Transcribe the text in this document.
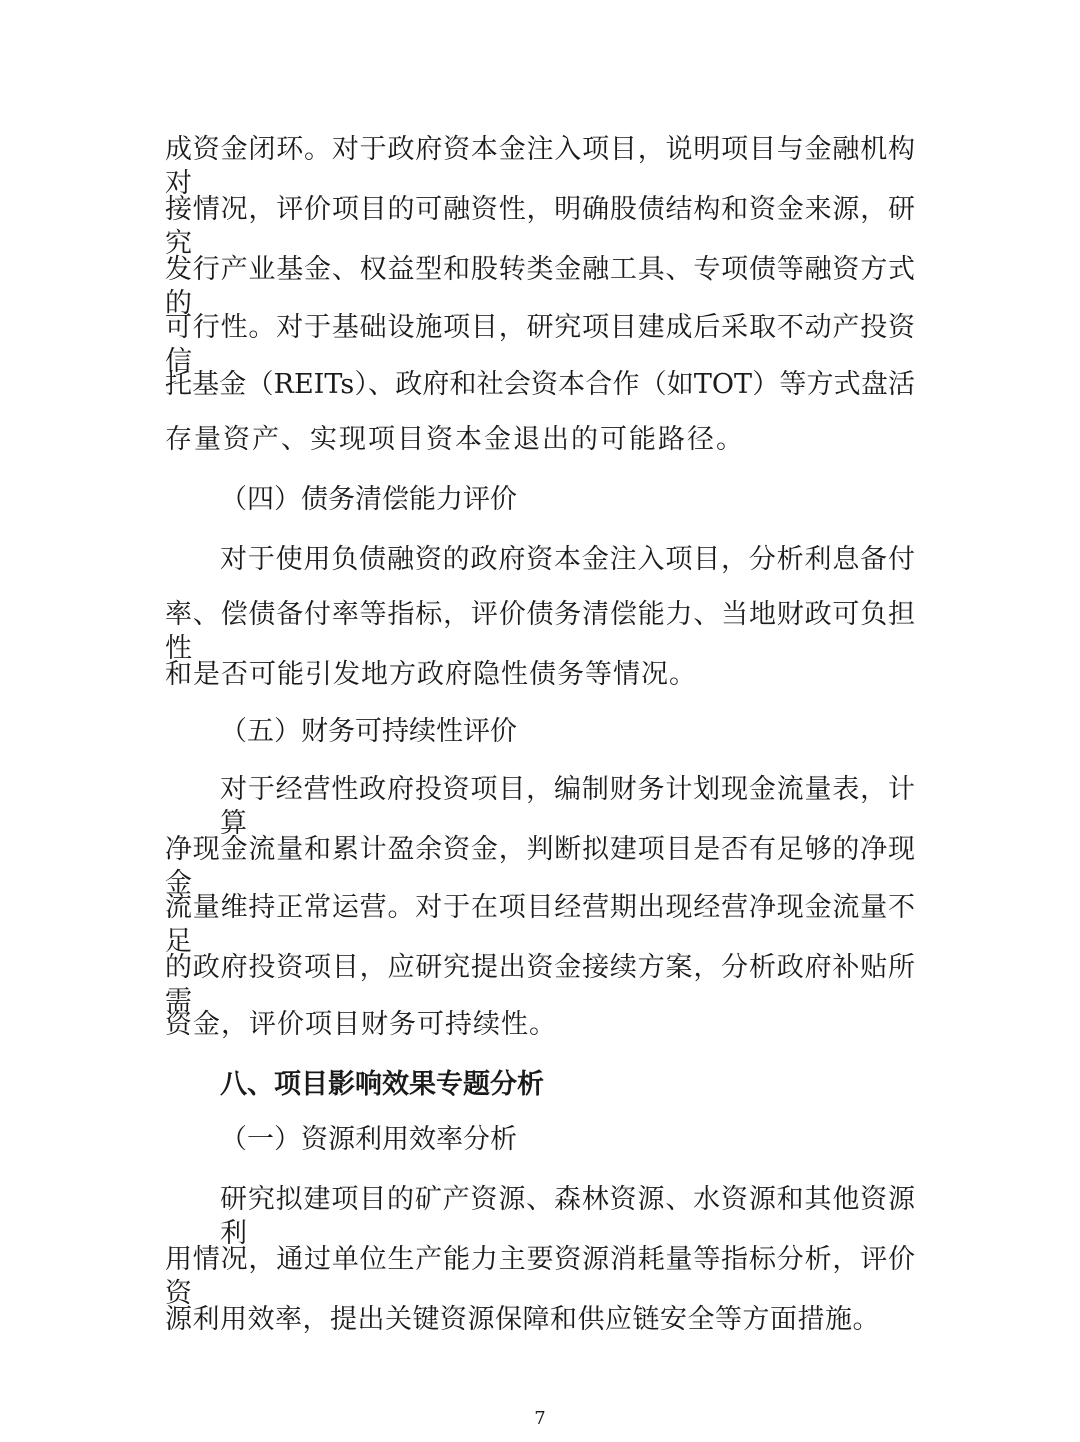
成资金闭环。对于政府资本金注入项目，说明项目与金融机构对
接情况，评价项目的可融资性，明确股债结构和资金来源，研究
发行产业基金、权益型和股转类金融工具、专项债等融资方式的
可行性。对于基础设施项目，研究项目建成后采取不动产投资信
托基金（REITs）、政府和社会资本合作（如TOT）等方式盘活
存量资产、实现项目资本金退出的可能路径。
（四）债务清偿能力评价
对于使用负债融资的政府资本金注入项目，分析利息备付
率、偿债备付率等指标，评价债务清偿能力、当地财政可负担性
和是否可能引发地方政府隐性债务等情况。
（五）财务可持续性评价
对于经营性政府投资项目，编制财务计划现金流量表，计算
净现金流量和累计盈余资金，判断拟建项目是否有足够的净现金
流量维持正常运营。对于在项目经营期出现经营净现金流量不足
的政府投资项目，应研究提出资金接续方案，分析政府补贴所需
资金，评价项目财务可持续性。
八、项目影响效果专题分析
（一）资源利用效率分析
研究拟建项目的矿产资源、森林资源、水资源和其他资源利
用情况，通过单位生产能力主要资源消耗量等指标分析，评价资
源利用效率，提出关键资源保障和供应链安全等方面措施。
7
